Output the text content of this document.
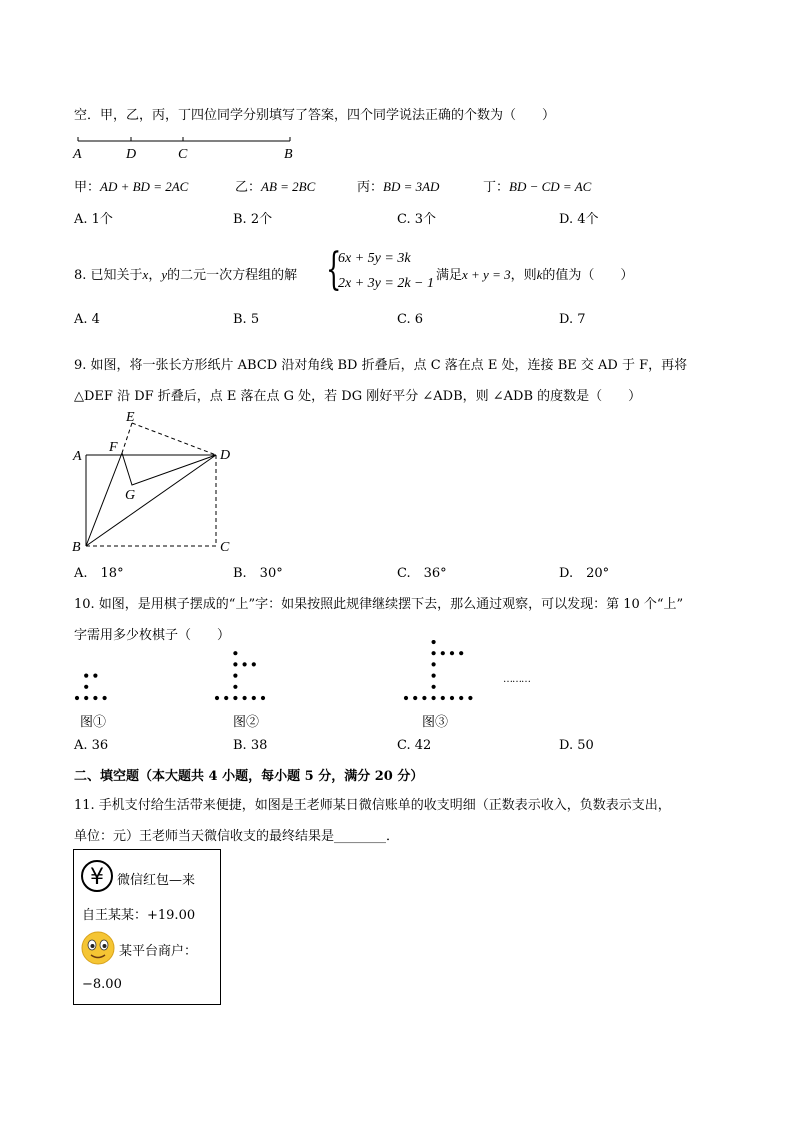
空．甲，乙，丙，丁四位同学分别填写了答案，四个同学说法正确的个数为（　　）
A	D	C	B
甲：AD + BD = 2AC	乙：AB = 2BC	丙：BD = 3AD	丁：BD − CD = AC
A. 1个	B. 2个	C. 3个	D. 4个
8. 已知关于x，y的二元一次方程组的解 {
6x + 5y = 3k
2x + 3y = 2k − 1
满足x + y = 3，则k的值为（　　）
A. 4	B. 5	C. 6	D. 7
9. 如图，将一张长方形纸片 ABCD 沿对角线 BD 折叠后，点 C 落在点 E 处，连接 BE 交 AD 于 F，再将
△DEF 沿 DF 折叠后，点 E 落在点 G 处，若 DG 刚好平分 ∠ADB，则 ∠ADB 的度数是（　　）
E
F
A	D
G
B	C
A.　18°	B.　30°	C.　36°	D.　20°
10. 如图，是用棋子摆成的“上”字：如果按照此规律继续摆下去，那么通过观察，可以发现：第 10 个“上”
字需用多少枚棋子（　　）
图①	图②	图③
………
A. 36	B. 38	C. 42	D. 50
二、填空题（本大题共 4 小题，每小题 5 分，满分 20 分）
11. 手机支付给生活带来便捷，如图是王老师某日微信账单的收支明细（正数表示收入，负数表示支出，
单位：元）王老师当天微信收支的最终结果是________．
¥ 微信红包—来
自王某某：+19.00
某平台商户：
−8.00
